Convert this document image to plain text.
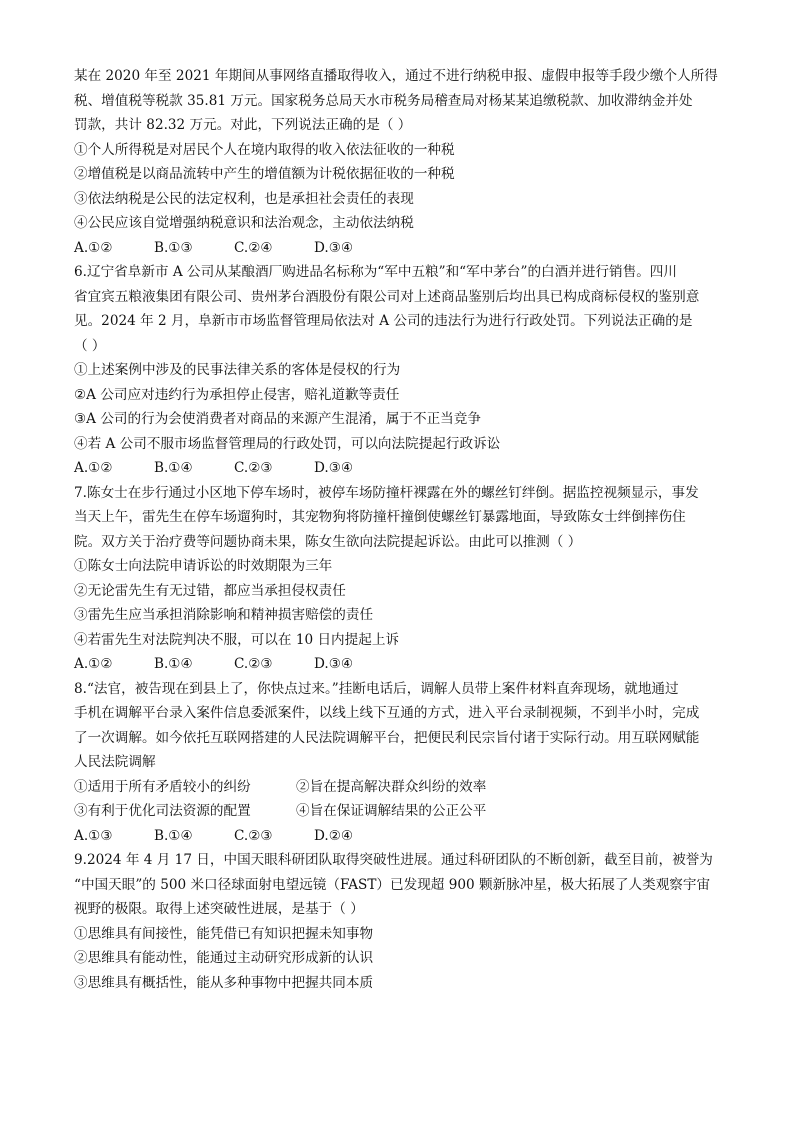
某在 2020 年至 2021 年期间从事网络直播取得收入，通过不进行纳税申报、虚假申报等手段少缴个人所得

税、增值税等税款 35.81 万元。国家税务总局天水市税务局稽查局对杨某某追缴税款、加收滞纳金并处

罚款，共计 82.32 万元。对此，下列说法正确的是（ ）

①个人所得税是对居民个人在境内取得的收入依法征收的一种税

②增值税是以商品流转中产生的增值额为计税依据征收的一种税

③依法纳税是公民的法定权利，也是承担社会责任的表现

④公民应该自觉增强纳税意识和法治观念，主动依法纳税

A.①②	B.①③	C.②④	D.③④

6.辽宁省阜新市 A 公司从某酿酒厂购进品名标称为“军中五粮”和“军中茅台”的白酒并进行销售。四川

省宜宾五粮液集团有限公司、贵州茅台酒股份有限公司对上述商品鉴别后均出具已构成商标侵权的鉴别意

见。2024 年 2 月，阜新市市场监督管理局依法对 A 公司的违法行为进行行政处罚。下列说法正确的是

（ ）

①上述案例中涉及的民事法律关系的客体是侵权的行为

②A 公司应对违约行为承担停止侵害，赔礼道歉等责任

③A 公司的行为会使消费者对商品的来源产生混淆，属于不正当竞争

④若 A 公司不服市场监督管理局的行政处罚，可以向法院提起行政诉讼

A.①②	B.①④	C.②③	D.③④

7.陈女士在步行通过小区地下停车场时，被停车场防撞杆裸露在外的螺丝钉绊倒。据监控视频显示，事发

当天上午，雷先生在停车场遛狗时，其宠物狗将防撞杆撞倒使螺丝钉暴露地面，导致陈女士绊倒摔伤住

院。双方关于治疗费等问题协商未果，陈女生欲向法院提起诉讼。由此可以推测（ ）

①陈女士向法院申请诉讼的时效期限为三年

②无论雷先生有无过错，都应当承担侵权责任

③雷先生应当承担消除影响和精神损害赔偿的责任

④若雷先生对法院判决不服，可以在 10 日内提起上诉

A.①②	B.①④	C.②③	D.③④

8.“法官，被告现在到县上了，你快点过来。”挂断电话后，调解人员带上案件材料直奔现场，就地通过

手机在调解平台录入案件信息委派案件，以线上线下互通的方式，进入平台录制视频，不到半小时，完成

了一次调解。如今依托互联网搭建的人民法院调解平台，把便民利民宗旨付诸于实际行动。用互联网赋能

人民法院调解

①适用于所有矛盾较小的纠纷	②旨在提高解决群众纠纷的效率

③有利于优化司法资源的配置	④旨在保证调解结果的公正公平

A.①③	B.①④	C.②③	D.②④

9.2024 年 4 月 17 日，中国天眼科研团队取得突破性进展。通过科研团队的不断创新，截至目前，被誉为

“中国天眼”的 500 米口径球面射电望远镜（FAST）已发现超 900 颗新脉冲星，极大拓展了人类观察宇宙

视野的极限。取得上述突破性进展，是基于（ ）

①思维具有间接性，能凭借已有知识把握未知事物

②思维具有能动性，能通过主动研究形成新的认识

③思维具有概括性，能从多种事物中把握共同本质
